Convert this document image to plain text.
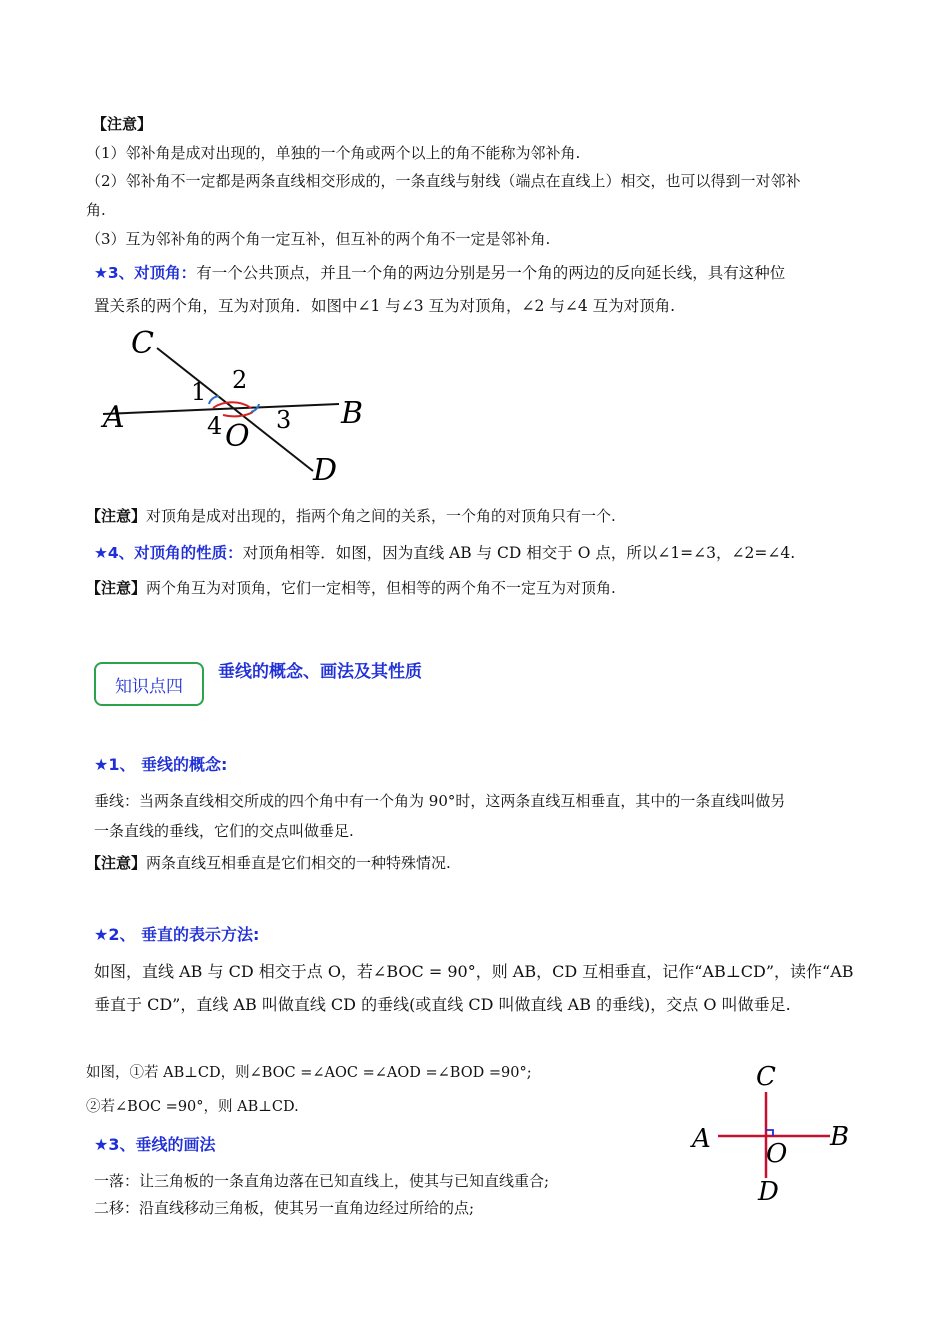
【注意】
（1）邻补角是成对出现的，单独的一个角或两个以上的角不能称为邻补角.
（2）邻补角不一定都是两条直线相交形成的，一条直线与射线（端点在直线上）相交，也可以得到一对邻补
角.
（3）互为邻补角的两个角一定互补，但互补的两个角不一定是邻补角.
★3、对顶角：有一个公共顶点，并且一个角的两边分别是另一个角的两边的反向延长线，具有这种位
置关系的两个角，互为对顶角．如图中∠1 与∠3 互为对顶角，∠2 与∠4 互为对顶角.
C
A	B
D
O
1 2
3
4
【注意】对顶角是成对出现的，指两个角之间的关系，一个角的对顶角只有一个.
★4、对顶角的性质：对顶角相等．如图，因为直线 AB 与 CD 相交于 O 点，所以∠1=∠3，∠2=∠4.
【注意】两个角互为对顶角，它们一定相等，但相等的两个角不一定互为对顶角.
知识点四
垂线的概念、画法及其性质
★1、 垂线的概念:
垂线：当两条直线相交所成的四个角中有一个角为 90°时，这两条直线互相垂直，其中的一条直线叫做另
一条直线的垂线，它们的交点叫做垂足.
【注意】两条直线互相垂直是它们相交的一种特殊情况.
★2、 垂直的表示方法:
如图，直线 AB 与 CD 相交于点 O，若∠BOC = 90°，则 AB，CD 互相垂直，记作“AB⊥CD”，读作“AB 垂直于 CD”，直线 AB 叫做直线 CD 的垂线(或直线 CD 叫做直线 AB 的垂线)，交点 O 叫做垂足.
如图，①若 AB⊥CD，则∠BOC =∠AOC =∠AOD =∠BOD =90°;
②若∠BOC =90°，则 AB⊥CD.
★3、垂线的画法
一落：让三角板的一条直角边落在已知直线上，使其与已知直线重合;
二移：沿直线移动三角板，使其另一直角边经过所给的点;
C
A	B
O
D
